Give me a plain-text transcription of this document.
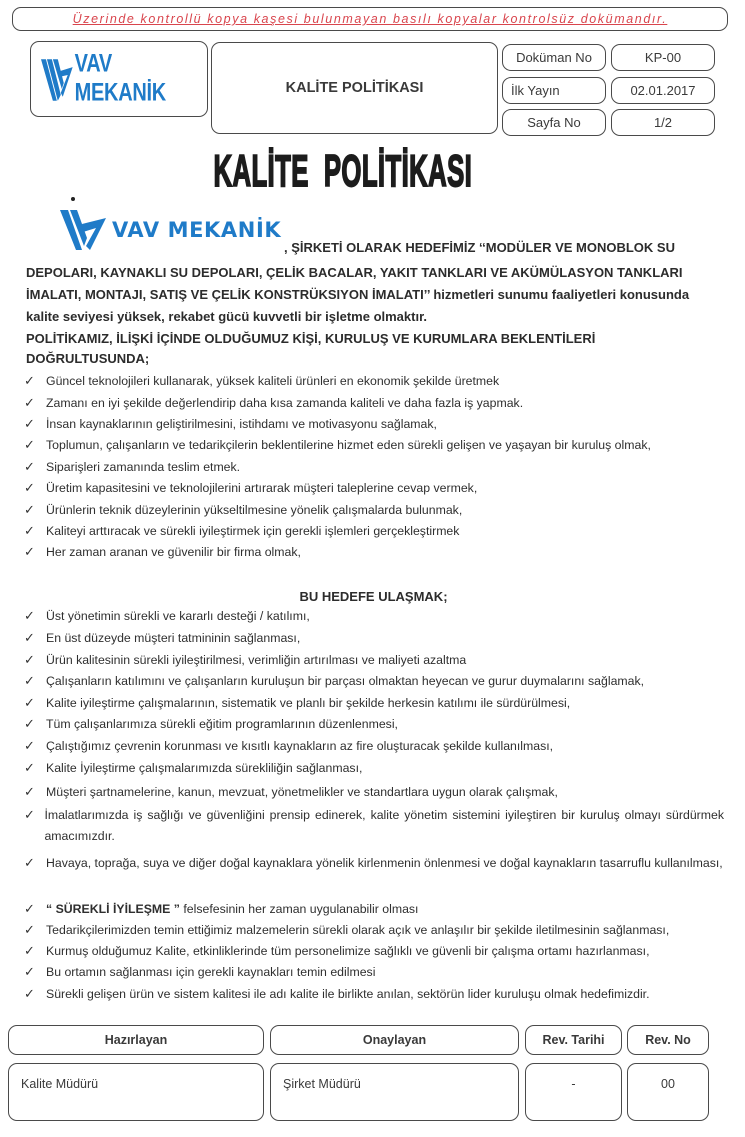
Üzerinde kontrollü kopya kaşesi bulunmayan basılı kopyalar kontrolsüz dokümandır.
VAV MEKANİK	KALİTE POLİTİKASI
Doküman No	KP-00
İlk Yayın	02.01.2017
Sayfa No	1/2
KALİTE  POLİTİKASI
VAV MEKANİK
, ŞİRKETİ OLARAK HEDEFİMİZ ‘‘MODÜLER VE MONOBLOK SU
DEPOLARI, KAYNAKLI SU DEPOLARI, ÇELİK BACALAR, YAKIT TANKLARI VE AKÜMÜLASYON TANKLARI
İMALATI, MONTAJI, SATIŞ VE ÇELİK KONSTRÜKSIYON İMALATI’’ hizmetleri sunumu faaliyetleri konusunda
kalite seviyesi yüksek, rekabet gücü kuvvetli bir işletme olmaktır.
POLİTİKAMIZ, İLİŞKİ İÇİNDE OLDUĞUMUZ KİŞİ, KURULUŞ VE KURUMLARA BEKLENTİLERİ
DOĞRULTUSUNDA;
✓ Güncel teknolojileri kullanarak, yüksek kaliteli ürünleri en ekonomik şekilde üretmek
✓ Zamanı en iyi şekilde değerlendirip daha kısa zamanda kaliteli ve daha fazla iş yapmak.
✓ İnsan kaynaklarının geliştirilmesini, istihdamı ve motivasyonu sağlamak,
✓ Toplumun, çalışanların ve tedarikçilerin beklentilerine hizmet eden sürekli gelişen ve yaşayan bir kuruluş olmak,
✓ Siparişleri zamanında teslim etmek.
✓ Üretim kapasitesini ve teknolojilerini artırarak müşteri taleplerine cevap vermek,
✓ Ürünlerin teknik düzeylerinin yükseltilmesine yönelik çalışmalarda bulunmak,
✓ Kaliteyi arttıracak ve sürekli iyileştirmek için gerekli işlemleri gerçekleştirmek
✓ Her zaman aranan ve güvenilir bir firma olmak,
BU HEDEFE ULAŞMAK;
✓ Üst yönetimin sürekli ve kararlı desteği / katılımı,
✓ En üst düzeyde müşteri tatmininin sağlanması,
✓ Ürün kalitesinin sürekli iyileştirilmesi, verimliğin artırılması ve maliyeti azaltma
✓ Çalışanların katılımını ve çalışanların kuruluşun bir parçası olmaktan heyecan ve gurur duymalarını sağlamak,
✓ Kalite iyileştirme çalışmalarının, sistematik ve planlı bir şekilde herkesin katılımı ile sürdürülmesi,
✓ Tüm çalışanlarımıza sürekli eğitim programlarının düzenlenmesi,
✓ Çalıştığımız çevrenin korunması ve kısıtlı kaynakların az fire oluşturacak şekilde kullanılması,
✓ Kalite İyileştirme çalışmalarımızda sürekliliğin sağlanması,
✓ Müşteri şartnamelerine, kanun, mevzuat, yönetmelikler ve standartlara uygun olarak çalışmak,
✓ İmalatlarımızda iş sağlığı ve güvenliğini prensip edinerek, kalite yönetim sistemini iyileştiren bir kuruluş olmayı sürdürmek amacımızdır.
✓ Havaya, toprağa, suya ve diğer doğal kaynaklara yönelik kirlenmenin önlenmesi ve doğal kaynakların tasarruflu kullanılması,
✓ “ SÜREKLİ İYİLEŞME ” felsefesinin her zaman uygulanabilir olması
✓ Tedarikçilerimizden temin ettiğimiz malzemelerin sürekli olarak açık ve anlaşılır bir şekilde iletilmesinin sağlanması,
✓ Kurmuş olduğumuz Kalite, etkinliklerinde tüm personelimize sağlıklı ve güvenli bir çalışma ortamı hazırlanması,
✓ Bu ortamın sağlanması için gerekli kaynakları temin edilmesi
✓ Sürekli gelişen ürün ve sistem kalitesi ile adı kalite ile birlikte anılan, sektörün lider kuruluşu olmak hedefimizdir.
Hazırlayan	Onaylayan	Rev. Tarihi	Rev. No
Kalite Müdürü	Şirket Müdürü	-	00
